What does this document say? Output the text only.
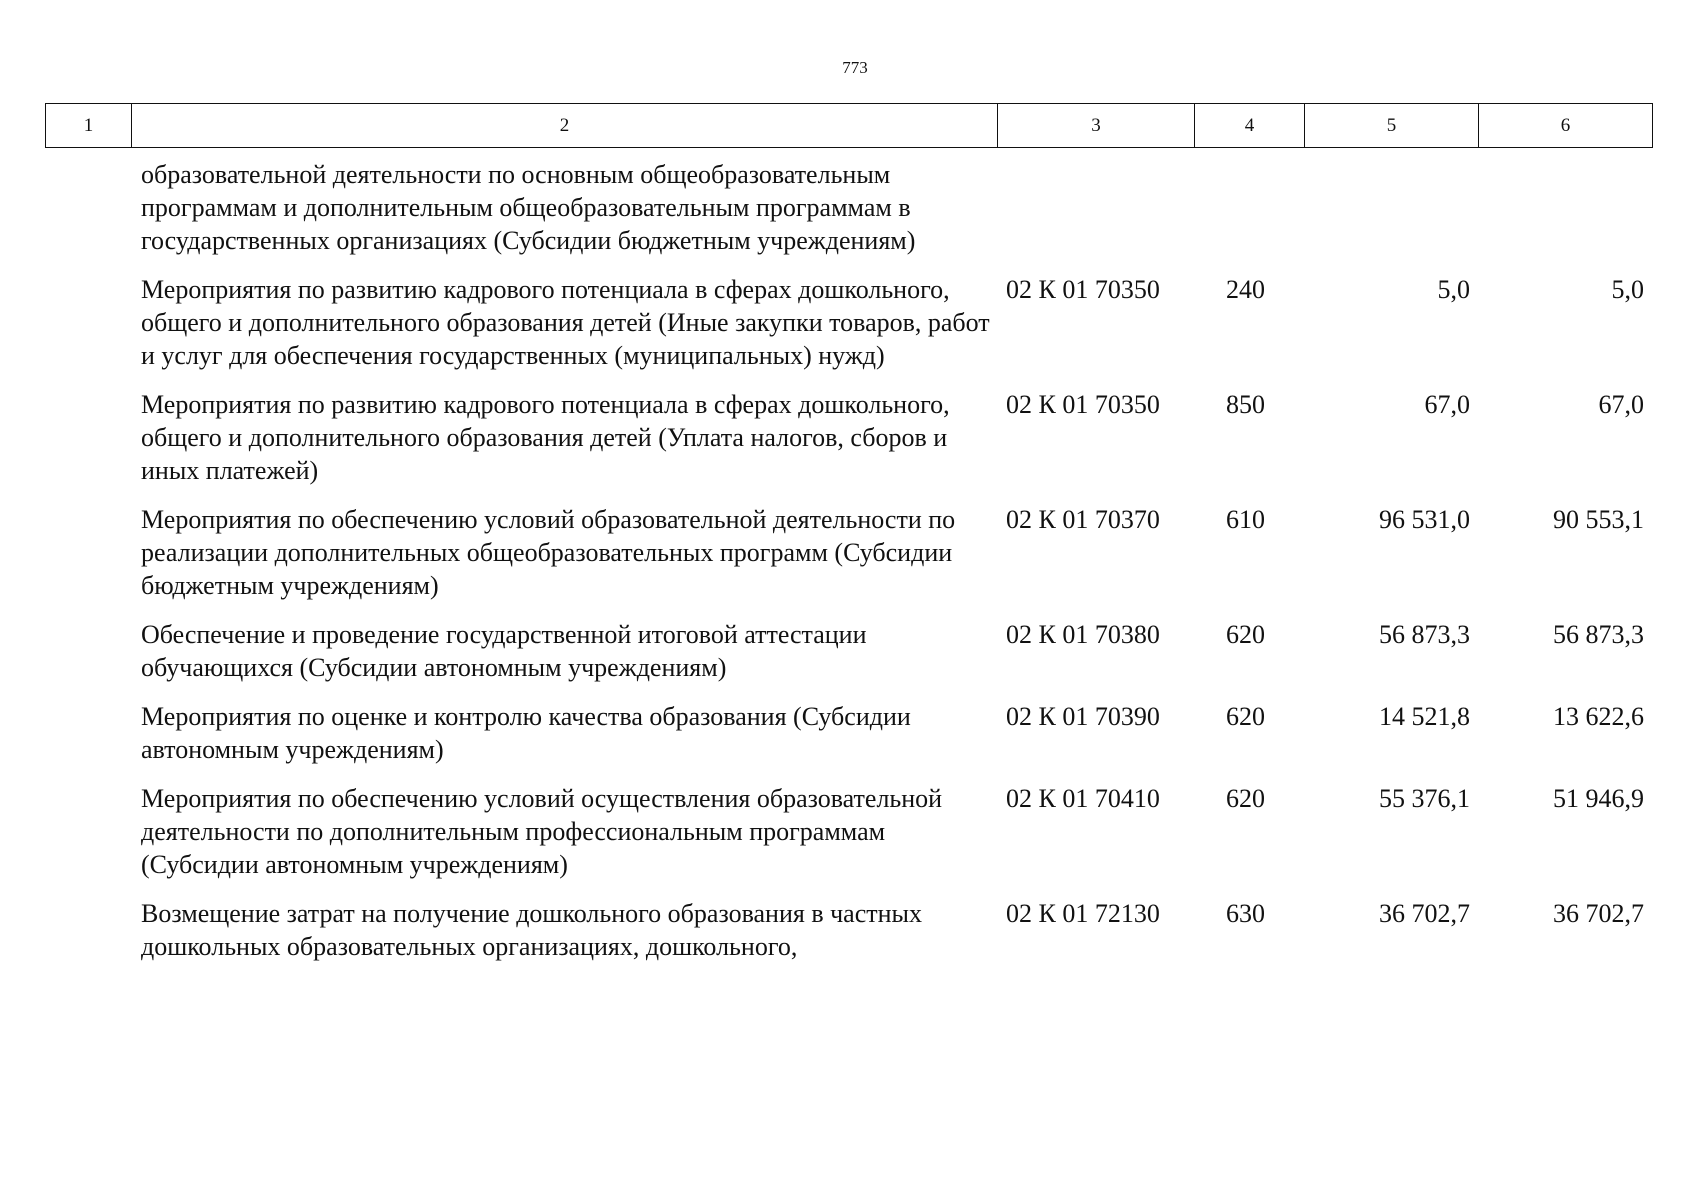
773
1	2	3	4	5	6
образовательной деятельности по основным общеобразовательным программам и дополнительным общеобразовательным программам в государственных организациях (Субсидии бюджетным учреждениям)				
Мероприятия по развитию кадрового потенциала в сферах дошкольного, общего и дополнительного образования детей (Иные закупки товаров, работ и услуг для обеспечения государственных (муниципальных) нужд)	02 К 01 70350	240	5,0	5,0
Мероприятия по развитию кадрового потенциала в сферах дошкольного, общего и дополнительного образования детей (Уплата налогов, сборов и иных платежей)	02 К 01 70350	850	67,0	67,0
Мероприятия по обеспечению условий образовательной деятельности по реализации дополнительных общеобразовательных программ (Субсидии бюджетным учреждениям)	02 К 01 70370	610	96 531,0	90 553,1
Обеспечение и проведение государственной итоговой аттестации обучающихся (Субсидии автономным учреждениям)	02 К 01 70380	620	56 873,3	56 873,3
Мероприятия по оценке и контролю качества образования (Субсидии автономным учреждениям)	02 К 01 70390	620	14 521,8	13 622,6
Мероприятия по обеспечению условий осуществления образовательной деятельности по дополнительным профессиональным программам (Субсидии автономным учреждениям)	02 К 01 70410	620	55 376,1	51 946,9
Возмещение затрат на получение дошкольного образования в частных дошкольных образовательных организациях, дошкольного,	02 К 01 72130	630	36 702,7	36 702,7
